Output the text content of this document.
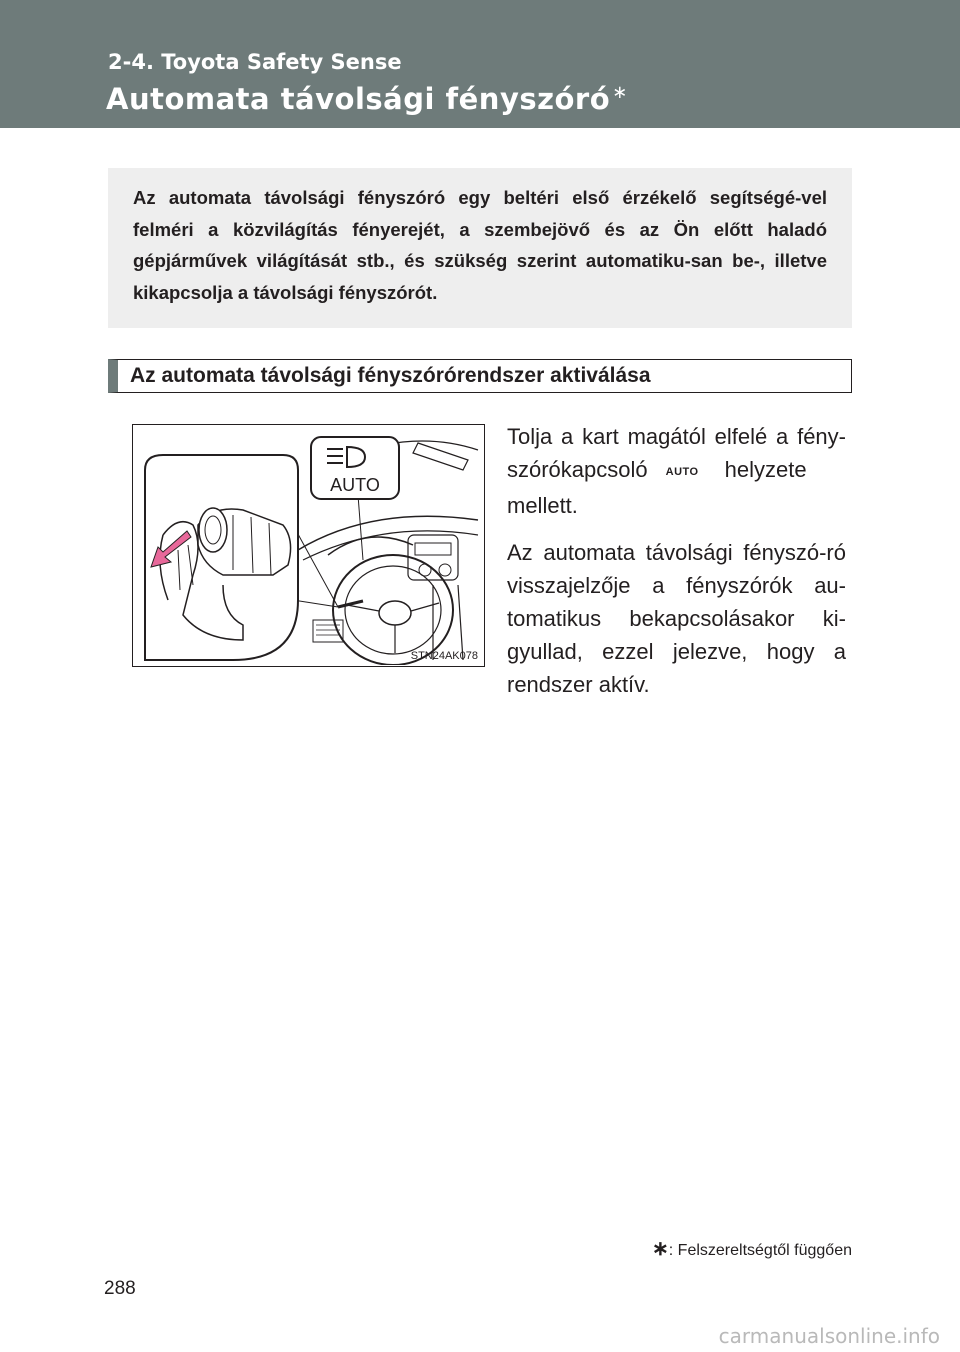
2-4. Toyota Safety Sense
Automata távolsági fényszóró ∗

Az automata távolsági fényszóró egy beltéri első érzékelő segítségé-vel felméri a közvilágítás fényerejét, a szembejövő és az Ön előtt haladó gépjárművek világítását stb., és szükség szerint automatiku-san be-, illetve kikapcsolja a távolsági fényszórót.

Az automata távolsági fényszórórendszer aktiválása
AUTO
STN24AK078

Tolja a kart magától elfelé a fény-szórókapcsoló AUTO helyzete mellett.

Az automata távolsági fényszó-ró visszajelzője a fényszórók au-tomatikus bekapcsolásakor ki-gyullad, ezzel jelezve, hogy a rendszer aktív.

∗: Felszereltségtől függően
288
carmanualsonline.info
